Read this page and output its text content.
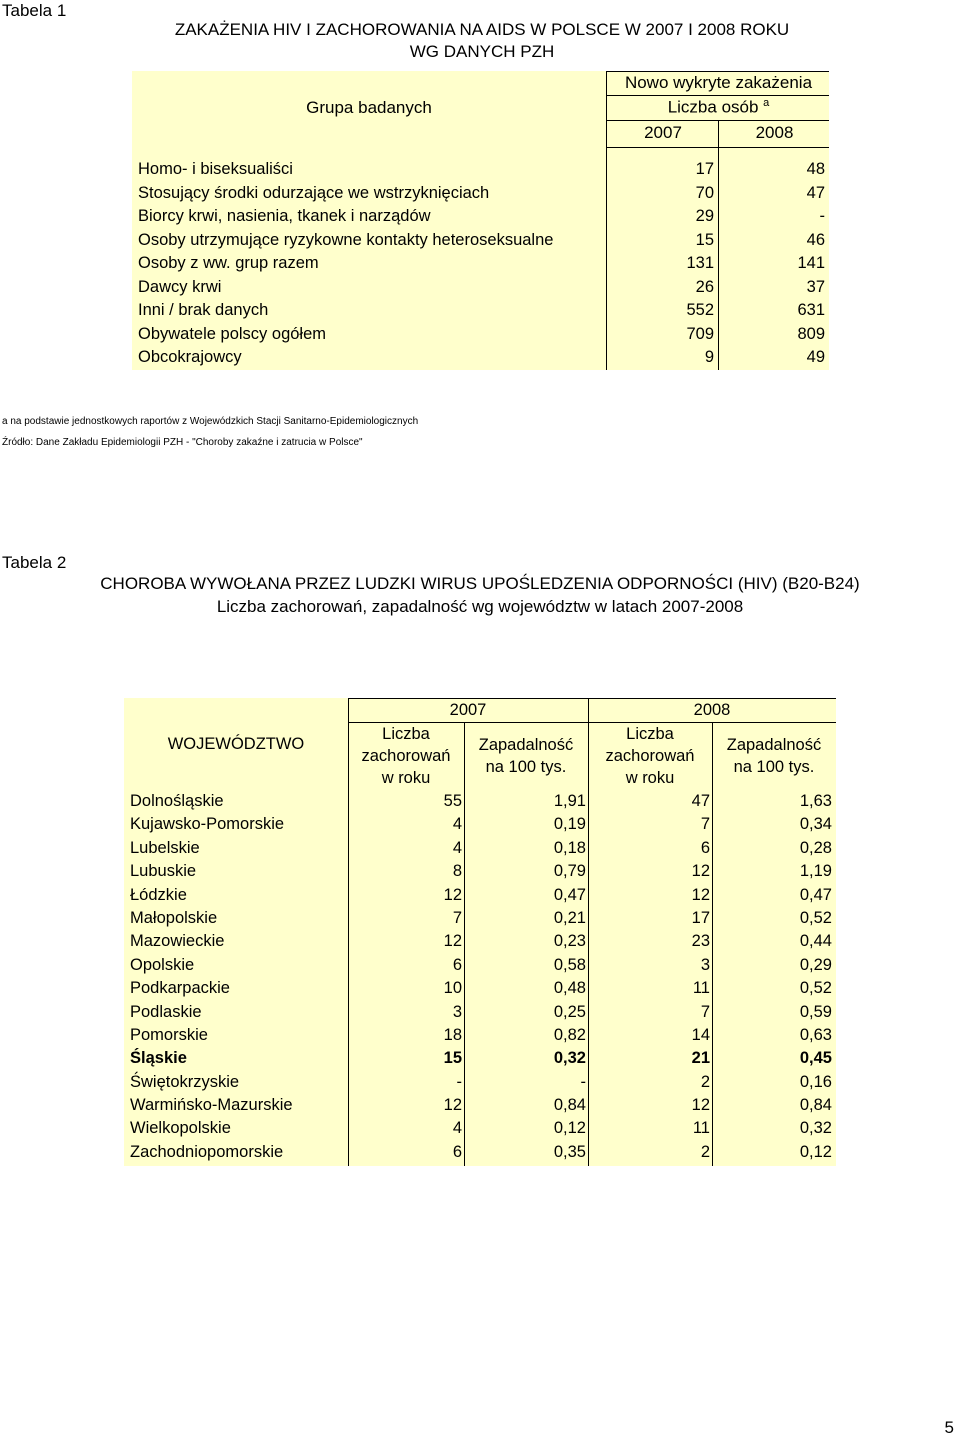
Tabela 1
ZAKAŻENIA HIV I ZACHOROWANIA NA AIDS W POLSCE W 2007 I 2008 ROKU
WG DANYCH PZH
Grupa badanych
Nowo wykryte zakażenia
Liczba osób $^a$
2007	2008
Homo- i biseksualiści	17	48
Stosujący środki odurzające we wstrzyknięciach	70	47
Biorcy krwi, nasienia, tkanek i narządów	29	-
Osoby utrzymujące ryzykowne kontakty heteroseksualne	15	46
Osoby z ww. grup razem	131	141
Dawcy krwi	26	37
Inni / brak danych	552	631
Obywatele polscy ogółem	709	809
Obcokrajowcy	9	49
a na podstawie jednostkowych raportów z Wojewódzkich Stacji Sanitarno-Epidemiologicznych
Źródło: Dane Zakładu Epidemiologii PZH - "Choroby zakaźne i zatrucia w Polsce"
Tabela 2
CHOROBA WYWOŁANA PRZEZ LUDZKI WIRUS UPOŚLEDZENIA ODPORNOŚCI (HIV) (B20-B24)
Liczba zachorowań, zapadalność wg województw w latach 2007-2008
WOJEWÓDZTWO
2007	2008
Liczba
zachorowań
w roku
Zapadalność
na 100 tys.
Liczba
zachorowań
w roku
Zapadalność
na 100 tys.
Dolnośląskie	55	1,91	47	1,63
Kujawsko-Pomorskie	4	0,19	7	0,34
Lubelskie	4	0,18	6	0,28
Lubuskie	8	0,79	12	1,19
Łódzkie	12	0,47	12	0,47
Małopolskie	7	0,21	17	0,52
Mazowieckie	12	0,23	23	0,44
Opolskie	6	0,58	3	0,29
Podkarpackie	10	0,48	11	0,52
Podlaskie	3	0,25	7	0,59
Pomorskie	18	0,82	14	0,63
Śląskie	15	0,32	21	0,45
Świętokrzyskie	-	-	2	0,16
Warmińsko-Mazurskie	12	0,84	12	0,84
Wielkopolskie	4	0,12	11	0,32
Zachodniopomorskie	6	0,35	2	0,12
5
